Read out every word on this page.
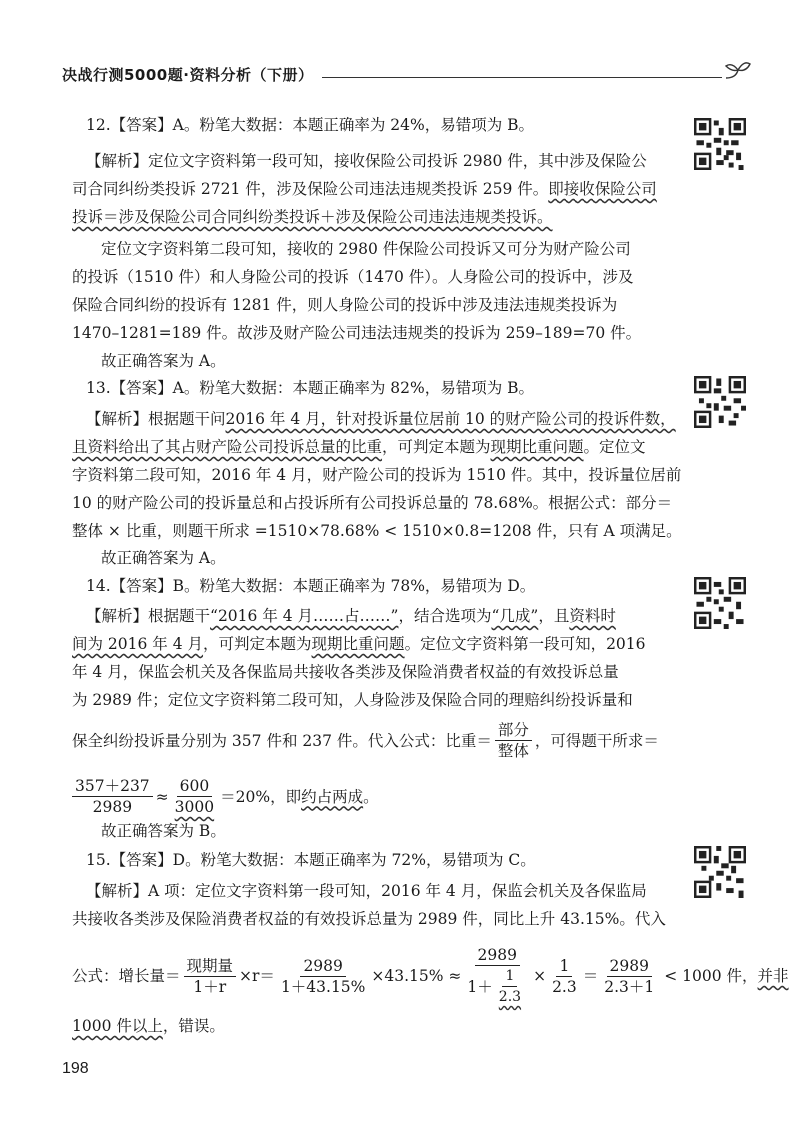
决战行测5000题·资料分析（下册）
12.【答案】A。粉笔大数据：本题正确率为 24%，易错项为 B。
【解析】定位文字资料第一段可知，接收保险公司投诉 2980 件，其中涉及保险公
司合同纠纷类投诉 2721 件，涉及保险公司违法违规类投诉 259 件。即接收保险公司
投诉＝涉及保险公司合同纠纷类投诉＋涉及保险公司违法违规类投诉。
定位文字资料第二段可知，接收的 2980 件保险公司投诉又可分为财产险公司
的投诉（1510 件）和人身险公司的投诉（1470 件）。人身险公司的投诉中，涉及
保险合同纠纷的投诉有 1281 件，则人身险公司的投诉中涉及违法违规类投诉为
1470–1281=189 件。故涉及财产险公司违法违规类的投诉为 259–189=70 件。
故正确答案为 A。
13.【答案】A。粉笔大数据：本题正确率为 82%，易错项为 B。
【解析】根据题干问2016 年 4 月，针对投诉量位居前 10 的财产险公司的投诉件数，
且资料给出了其占财产险公司投诉总量的比重，可判定本题为现期比重问题。定位文
字资料第二段可知，2016 年 4 月，财产险公司的投诉为 1510 件。其中，投诉量位居前
10 的财产险公司的投诉量总和占投诉所有公司投诉总量的 78.68%。根据公式：部分＝
整体 × 比重，则题干所求 =1510×78.68% < 1510×0.8=1208 件，只有 A 项满足。
故正确答案为 A。
14.【答案】B。粉笔大数据：本题正确率为 78%，易错项为 D。
【解析】根据题干“2016 年 4 月……占……”，结合选项为“几成”，且资料时
间为 2016 年 4 月，可判定本题为现期比重问题。定位文字资料第一段可知，2016
年 4 月，保监会机关及各保监局共接收各类涉及保险消费者权益的有效投诉总量
为 2989 件；定位文字资料第二段可知，人身险涉及保险合同的理赔纠纷投诉量和
保全纠纷投诉量分别为 357 件和 237 件。代入公式：比重＝ $\frac{\text{部分}}{\text{整体}}$ ，可得题干所求＝
$\frac{357+237}{2989} \approx \frac{600}{3000} =20\%$，即 约占两成 。
故正确答案为 B。
15.【答案】D。粉笔大数据：本题正确率为 72%，易错项为 C。
【解析】A 项：定位文字资料第一段可知，2016 年 4 月，保监会机关及各保监局
共接收各类涉及保险消费者权益的有效投诉总量为 2989 件，同比上升 43.15%。代入
公式：增长量＝ $\frac{\text{现期量}}{1+r} \times r= \frac{2989}{1+43.15\%} \times 43.15\% \approx \frac{2989}{1+ \frac{1}{2.3}} \times \frac{1}{2.3} = \frac{2989}{2.3+1} < 1000$ 件， 并非
1000 件以上，错误。
198
